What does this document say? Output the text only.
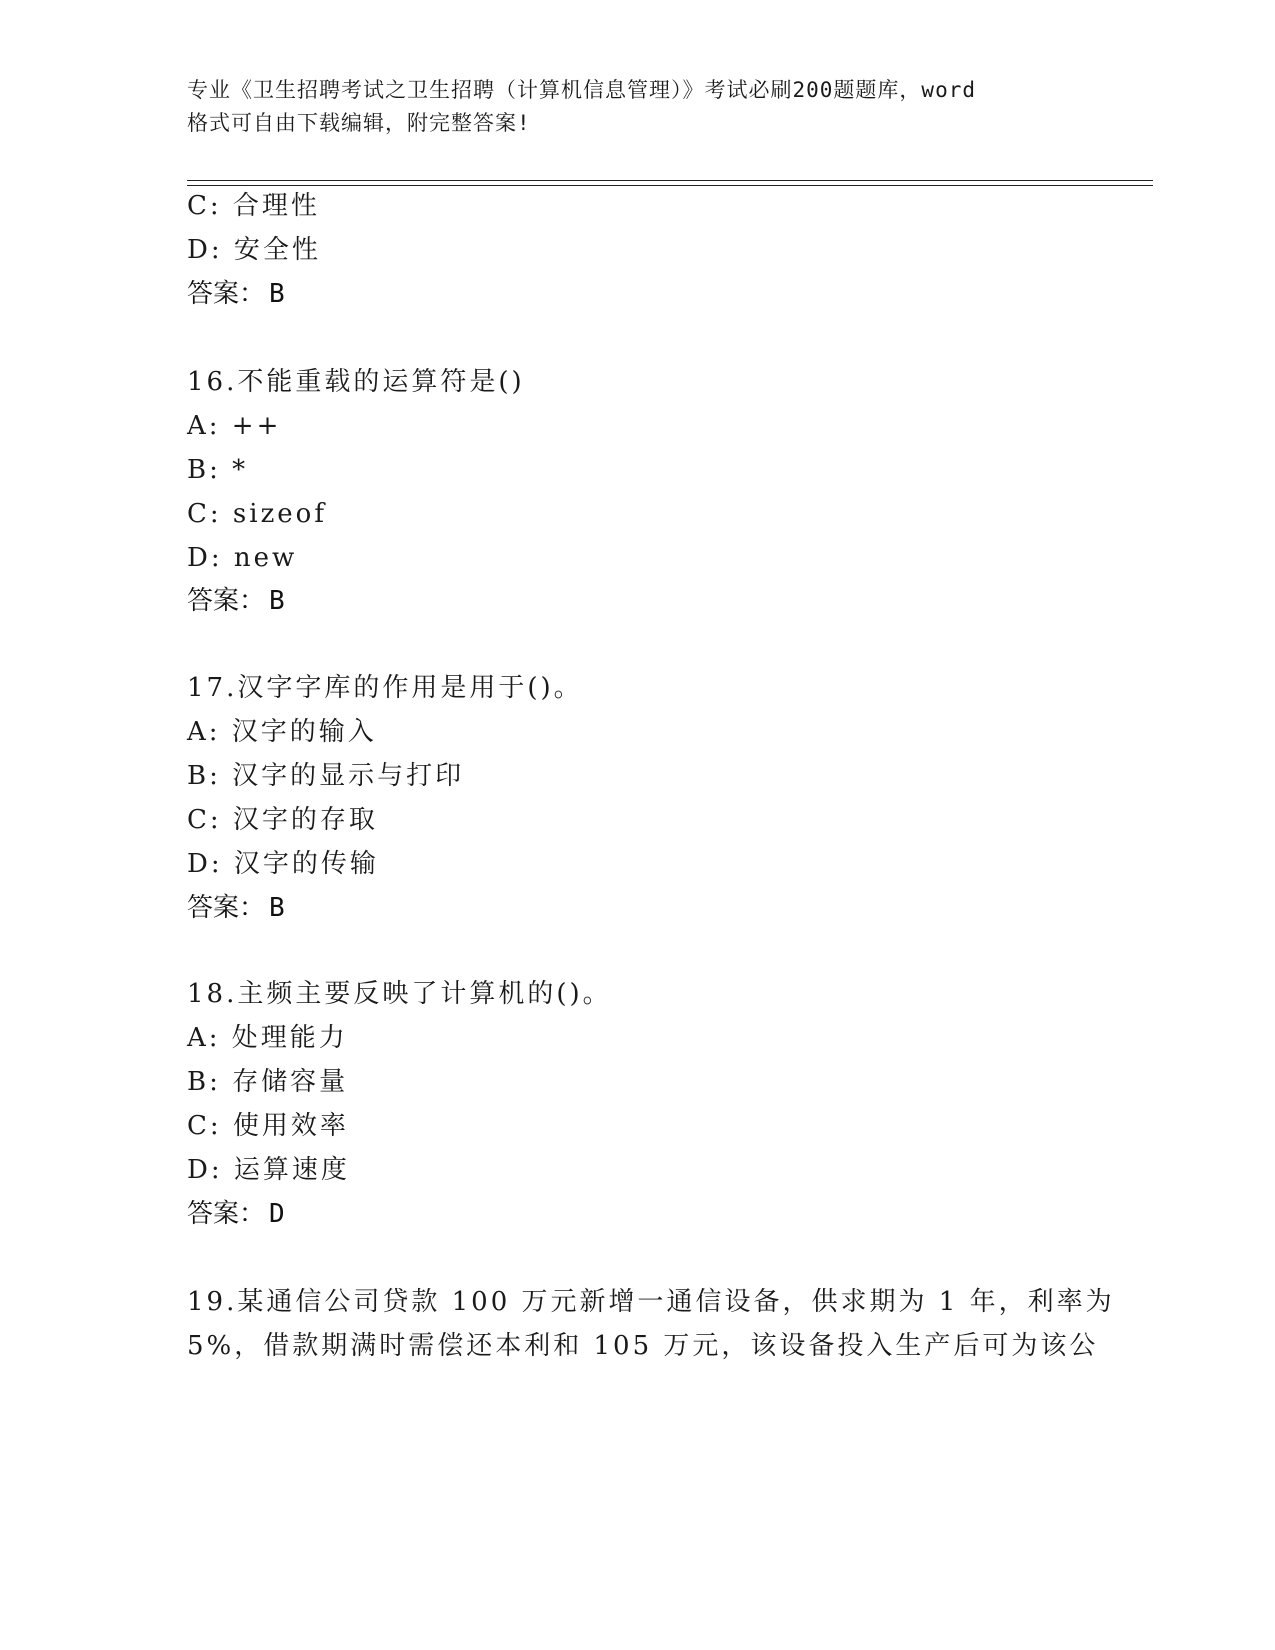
专业《卫生招聘考试之卫生招聘（计算机信息管理）》考试必刷200题题库，word
格式可自由下载编辑，附完整答案!
C: 合理性
D: 安全性
答案： B
16.不能重载的运算符是()
A: ++
B: *
C: sizeof
D: new
答案： B
17.汉字字库的作用是用于()。
A: 汉字的输入
B: 汉字的显示与打印
C: 汉字的存取
D: 汉字的传输
答案： B
18.主频主要反映了计算机的()。
A: 处理能力
B: 存储容量
C: 使用效率
D: 运算速度
答案： D
19.某通信公司贷款 100 万元新增一通信设备，供求期为 1 年，利率为
5%，借款期满时需偿还本利和 105 万元，该设备投入生产后可为该公
